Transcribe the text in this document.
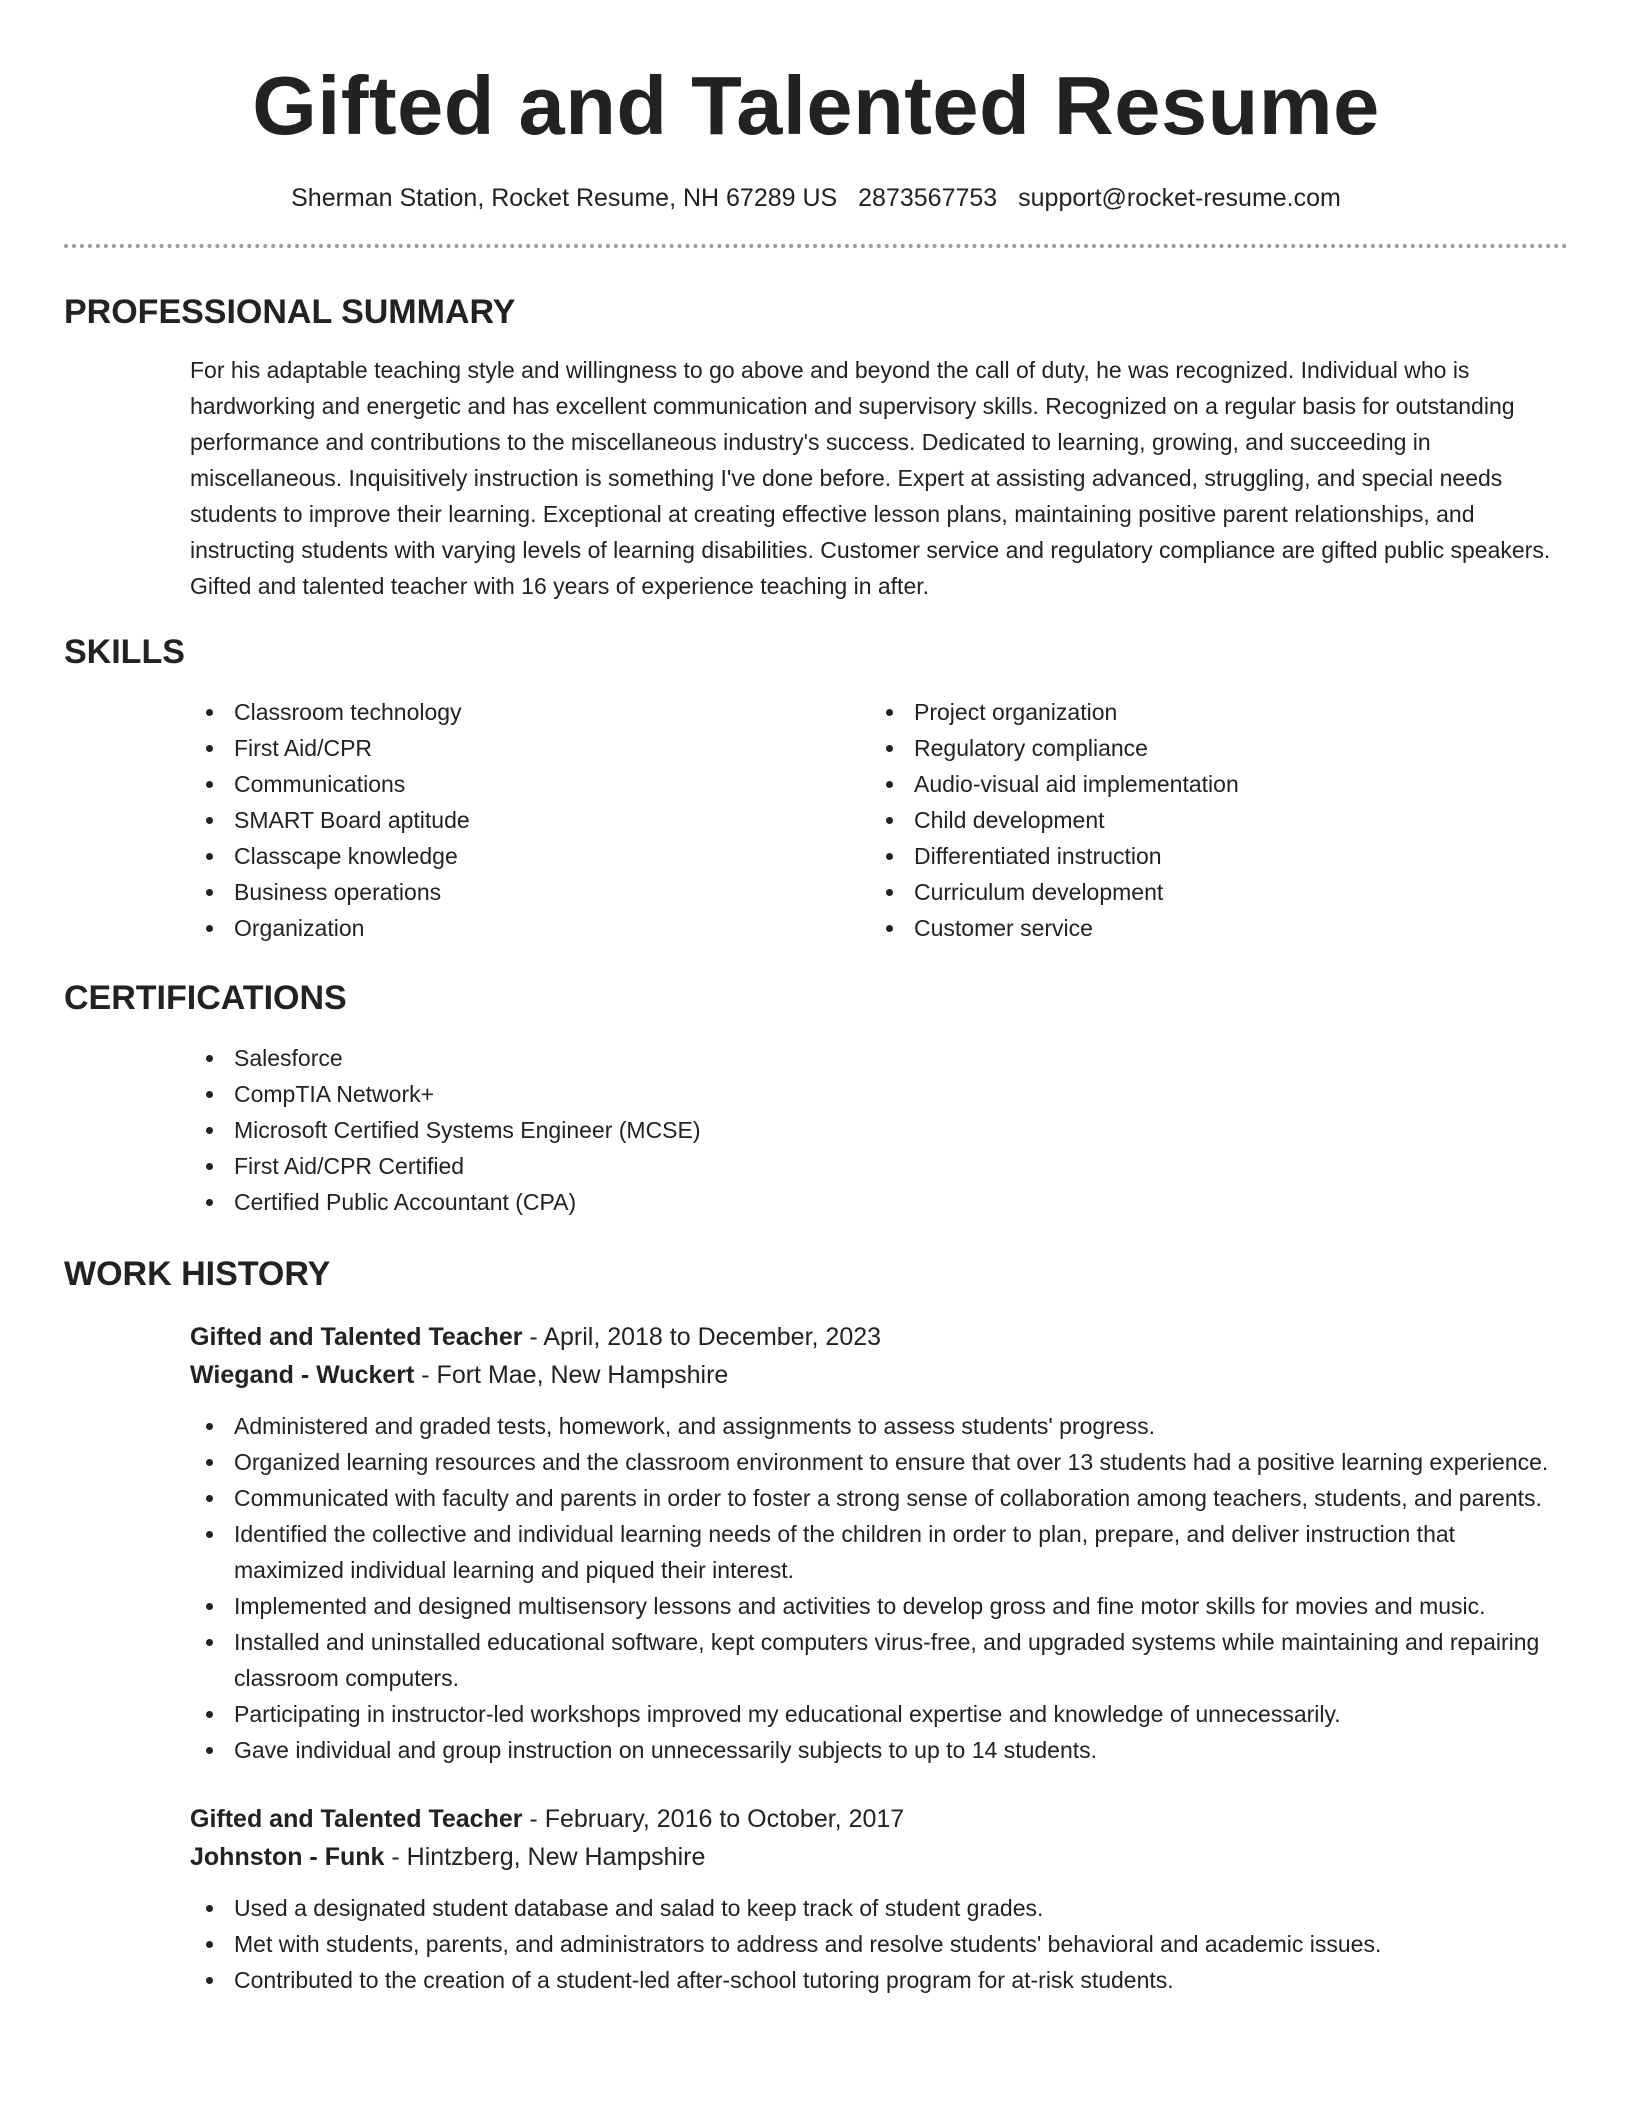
Gifted and Talented Resume
Sherman Station, Rocket Resume, NH 67289 US 2873567753 support@rocket-resume.com
PROFESSIONAL SUMMARY

For his adaptable teaching style and willingness to go above and beyond the call of duty, he was recognized. Individual who is hardworking and energetic and has excellent communication and supervisory skills. Recognized on a regular basis for outstanding performance and contributions to the miscellaneous industry's success. Dedicated to learning, growing, and succeeding in miscellaneous. Inquisitively instruction is something I've done before. Expert at assisting advanced, struggling, and special needs students to improve their learning. Exceptional at creating effective lesson plans, maintaining positive parent relationships, and instructing students with varying levels of learning disabilities. Customer service and regulatory compliance are gifted public speakers. Gifted and talented teacher with 16 years of experience teaching in after.

SKILLS
Classroom technology
First Aid/CPR
Communications
SMART Board aptitude
Classcape knowledge
Business operations
Organization
Project organization
Regulatory compliance
Audio-visual aid implementation
Child development
Differentiated instruction
Curriculum development
Customer service
CERTIFICATIONS
Salesforce
CompTIA Network+
Microsoft Certified Systems Engineer (MCSE)
First Aid/CPR Certified
Certified Public Accountant (CPA)
WORK HISTORY
Gifted and Talented Teacher - April, 2018 to December, 2023
Wiegand - Wuckert - Fort Mae, New Hampshire
Administered and graded tests, homework, and assignments to assess students' progress.
Organized learning resources and the classroom environment to ensure that over 13 students had a positive learning experience.
Communicated with faculty and parents in order to foster a strong sense of collaboration among teachers, students, and parents.
Identified the collective and individual learning needs of the children in order to plan, prepare, and deliver instruction that maximized individual learning and piqued their interest.
Implemented and designed multisensory lessons and activities to develop gross and fine motor skills for movies and music.
Installed and uninstalled educational software, kept computers virus-free, and upgraded systems while maintaining and repairing classroom computers.
Participating in instructor-led workshops improved my educational expertise and knowledge of unnecessarily.
Gave individual and group instruction on unnecessarily subjects to up to 14 students.
Gifted and Talented Teacher - February, 2016 to October, 2017
Johnston - Funk - Hintzberg, New Hampshire
Used a designated student database and salad to keep track of student grades.
Met with students, parents, and administrators to address and resolve students' behavioral and academic issues.
Contributed to the creation of a student-led after-school tutoring program for at-risk students.
